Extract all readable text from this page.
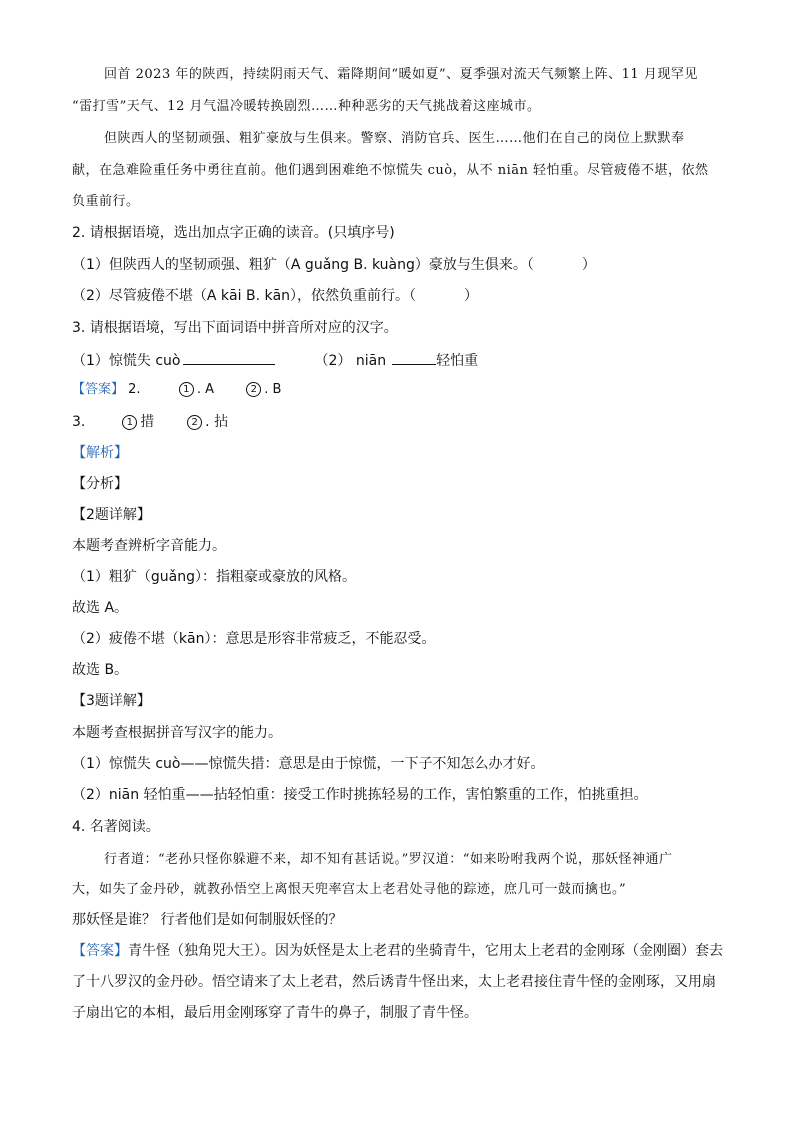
回首 2023 年的陕西，持续阴雨天气、霜降期间“暖如夏”、夏季强对流天气频繁上阵、11 月现罕见
“雷打雪”天气、12 月气温冷暖转换剧烈……种种恶劣的天气挑战着这座城市。
但陕西人的坚韧顽强、粗犷豪放与生俱来。警察、消防官兵、医生……他们在自己的岗位上默默奉
献，在急难险重任务中勇往直前。他们遇到困难绝不惊慌失 cuò，从不 niān 轻怕重。尽管疲倦不堪，依然
负重前行。
2. 请根据语境，选出加点字正确的读音。(只填序号)
（1）但陕西人的坚韧顽强、粗犷（A guǎng B. kuàng）豪放与生俱来。（	）
（2）尽管疲倦不堪（A kāi B. kān），依然负重前行。（	）
3. 请根据语境，写出下面词语中拼音所对应的汉字。
（1）惊慌失 cuò	（2） niān	轻怕重
【答案】 2.	1 . A	2 . B
3.	1 措	2 . 拈
【解析】
【分析】
【2题详解】
本题考查辨析字音能力。
（1）粗犷（guǎng）：指粗豪或豪放的风格。
故选 A。
（2）疲倦不堪（kān）：意思是形容非常疲乏，不能忍受。
故选 B。
【3题详解】
本题考查根据拼音写汉字的能力。
（1）惊慌失 cuò——惊慌失措：意思是由于惊慌，一下子不知怎么办才好。
（2）niān 轻怕重——拈轻怕重：接受工作时挑拣轻易的工作，害怕繁重的工作，怕挑重担。
4. 名著阅读。
行者道：“老孙只怪你躲避不来，却不知有甚话说。”罗汉道：“如来吩咐我两个说，那妖怪神通广
大，如失了金丹砂，就教孙悟空上离恨天兜率宫太上老君处寻他的踪迹，庶几可一鼓而擒也。”
那妖怪是谁？ 行者他们是如何制服妖怪的？
【答案】青牛怪（独角兕大王）。因为妖怪是太上老君的坐骑青牛，它用太上老君的金刚琢（金刚圈）套去
了十八罗汉的金丹砂。悟空请来了太上老君，然后诱青牛怪出来，太上老君接住青牛怪的金刚琢，又用扇
子扇出它的本相，最后用金刚琢穿了青牛的鼻子，制服了青牛怪。
